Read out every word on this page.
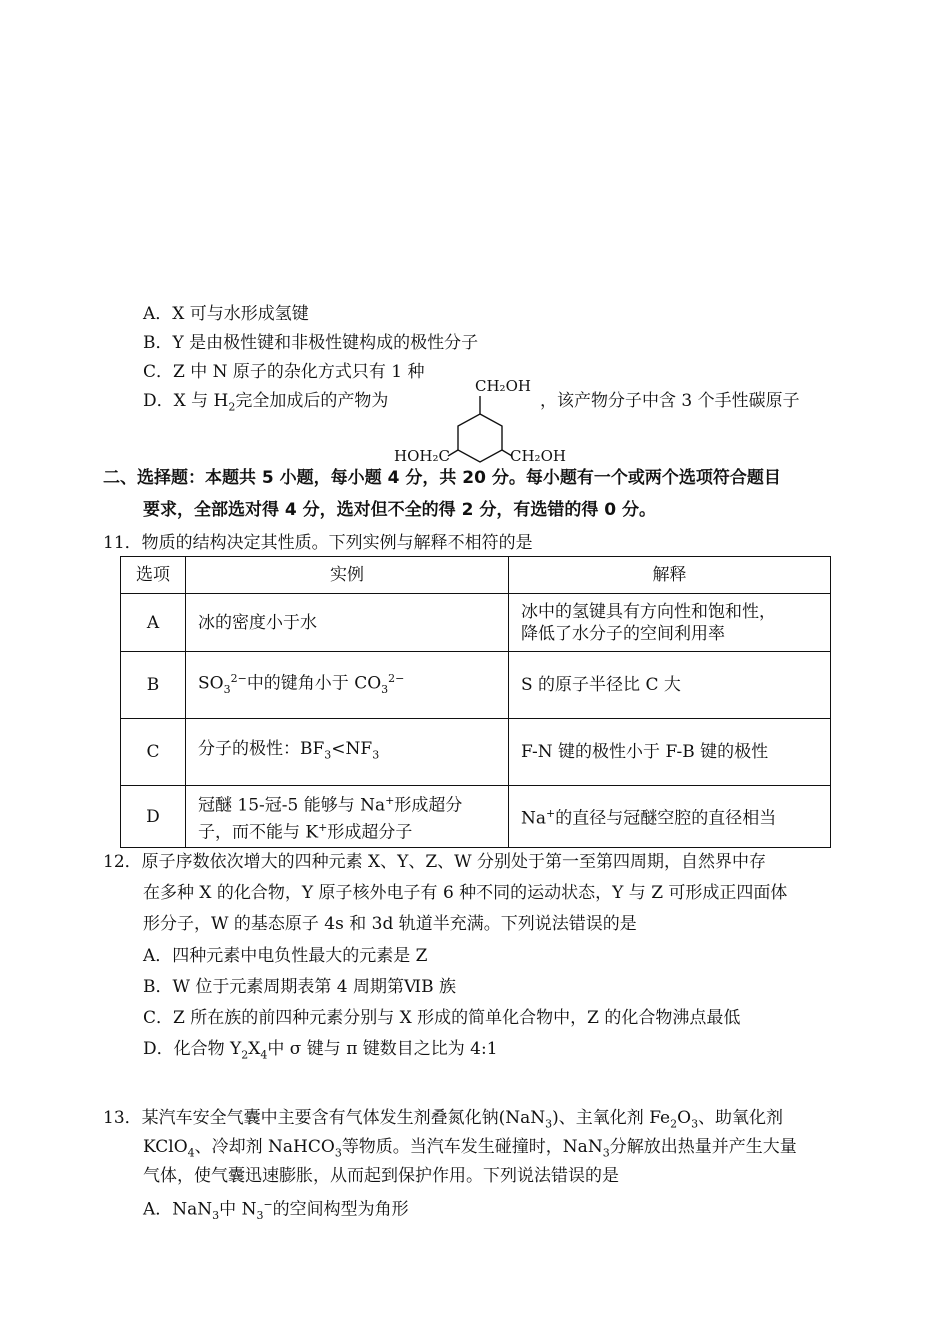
A．X 可与水形成氢键
B．Y 是由极性键和非极性键构成的极性分子
C．Z 中 N 原子的杂化方式只有 1 种
D．X 与 $H_2$完全加成后的产物为	，该产物分子中含 3 个手性碳原子
CH₂OH
HOH₂C	CH₂OH
二、选择题：本题共 5 小题，每小题 4 分，共 20 分。每小题有一个或两个选项符合题目
要求，全部选对得 4 分，选对但不全的得 2 分，有选错的得 0 分。
11．物质的结构决定其性质。下列实例与解释不相符的是
选项	实例	解释
A	冰的密度小于水	冰中的氢键具有方向性和饱和性，
降低了水分子的空间利用率
B	$SO_3^{2-}$中的键角小于 $CO_3^{2-}$	S 的原子半径比 C 大
C	分子的极性：$BF_3<NF_3$	F-N 键的极性小于 F-B 键的极性
D	冠醚 15-冠-5 能够与 Na+形成超分
子，而不能与 K+形成超分子	Na+的直径与冠醚空腔的直径相当
12．原子序数依次增大的四种元素 X、Y、Z、W 分别处于第一至第四周期，自然界中存
在多种 X 的化合物，Y 原子核外电子有 6 种不同的运动状态，Y 与 Z 可形成正四面体
形分子，W 的基态原子 4s 和 3d 轨道半充满。下列说法错误的是
A．四种元素中电负性最大的元素是 Z
B．W 位于元素周期表第 4 周期第ⅥB 族
C．Z 所在族的前四种元素分别与 X 形成的简单化合物中，Z 的化合物沸点最低
D．化合物 $Y_2X_4$中 σ 键与 π 键数目之比为 4:1
13．某汽车安全气囊中主要含有气体发生剂叠氮化钠(NaN$_3$)、主氧化剂 $Fe_2O_3$、助氧化剂
KClO$_4$、冷却剂 NaHCO$_3$等物质。当汽车发生碰撞时，NaN$_3$分解放出热量并产生大量
气体，使气囊迅速膨胀，从而起到保护作用。下列说法错误的是
A．NaN$_3$中 $N_3^-$的空间构型为角形
